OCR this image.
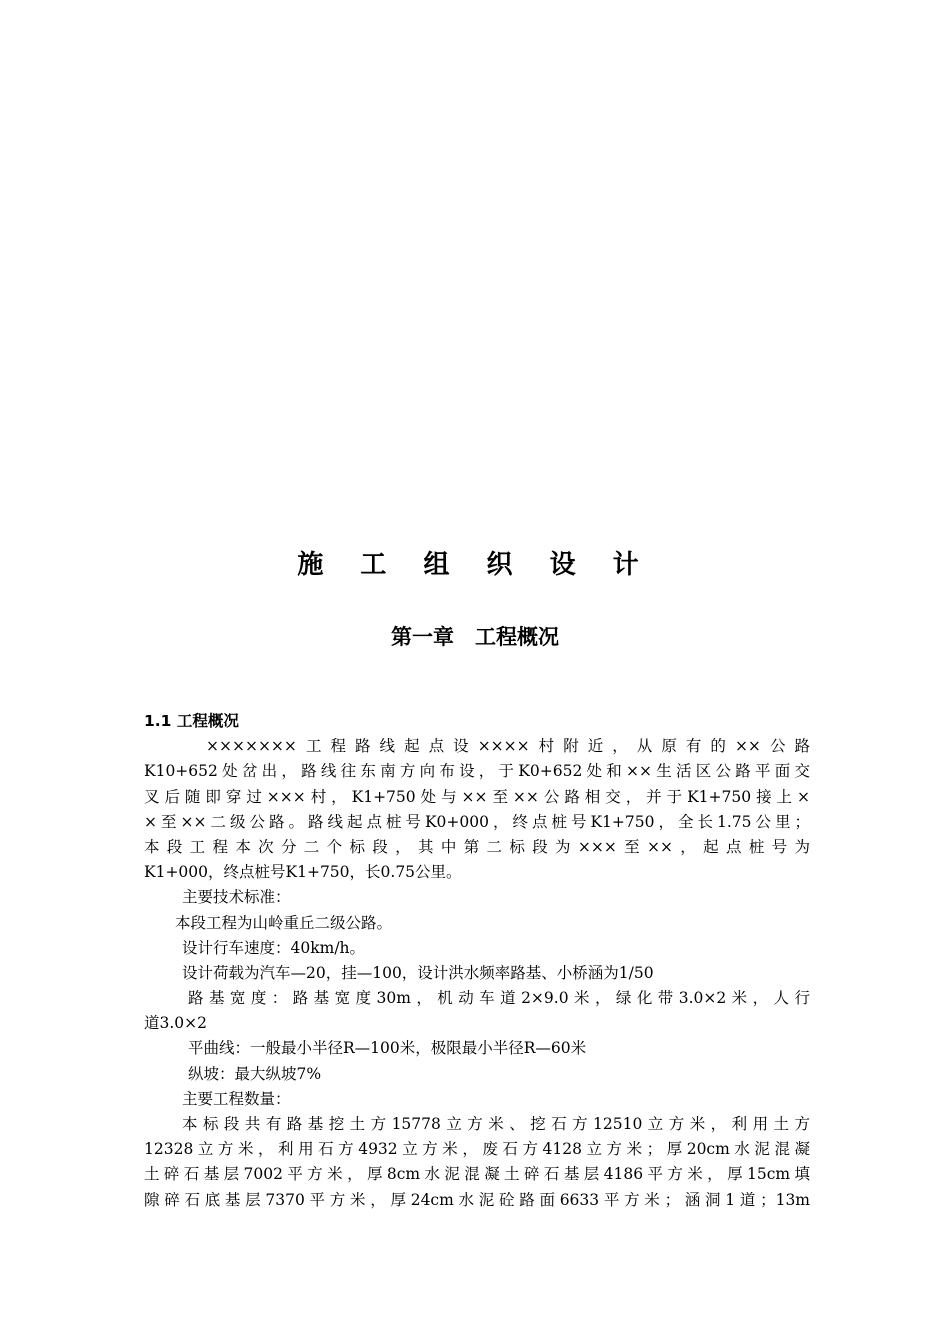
施 工 组 织 设 计
第一章　工程概况
1.1 工程概况
×××××××工程路线起点设××××村附近，从原有的××公路
K10+652处岔出，路线往东南方向布设，于K0+652处和××生活区公路平面交
叉后随即穿过×××村，K1+750处与××至××公路相交，并于K1+750接上×
×至××二级公路。路线起点桩号K0+000，终点桩号K1+750，全长1.75公里；
本段工程本次分二个标段，其中第二标段为×××至××，起点桩号为
K1+000，终点桩号K1+750，长0.75公里。
主要技术标准：
本段工程为山岭重丘二级公路。
设计行车速度：40km/h。
设计荷载为汽车—20，挂—100，设计洪水频率路基、小桥涵为1/50
路基宽度：路基宽度30m，机动车道2×9.0米，绿化带3.0×2米，人行
道3.0×2
平曲线：一般最小半径R—100米，极限最小半径R—60米
纵坡：最大纵坡7%
主要工程数量：
本标段共有路基挖土方15778立方米、挖石方12510立方米，利用土方
12328立方米，利用石方4932立方米，废石方4128立方米；厚20cm水泥混凝
土碎石基层7002平方米，厚8cm水泥混凝土碎石基层4186平方米，厚15cm填
隙碎石底基层7370平方米，厚24cm水泥砼路面6633平方米；涵洞1道；13m
